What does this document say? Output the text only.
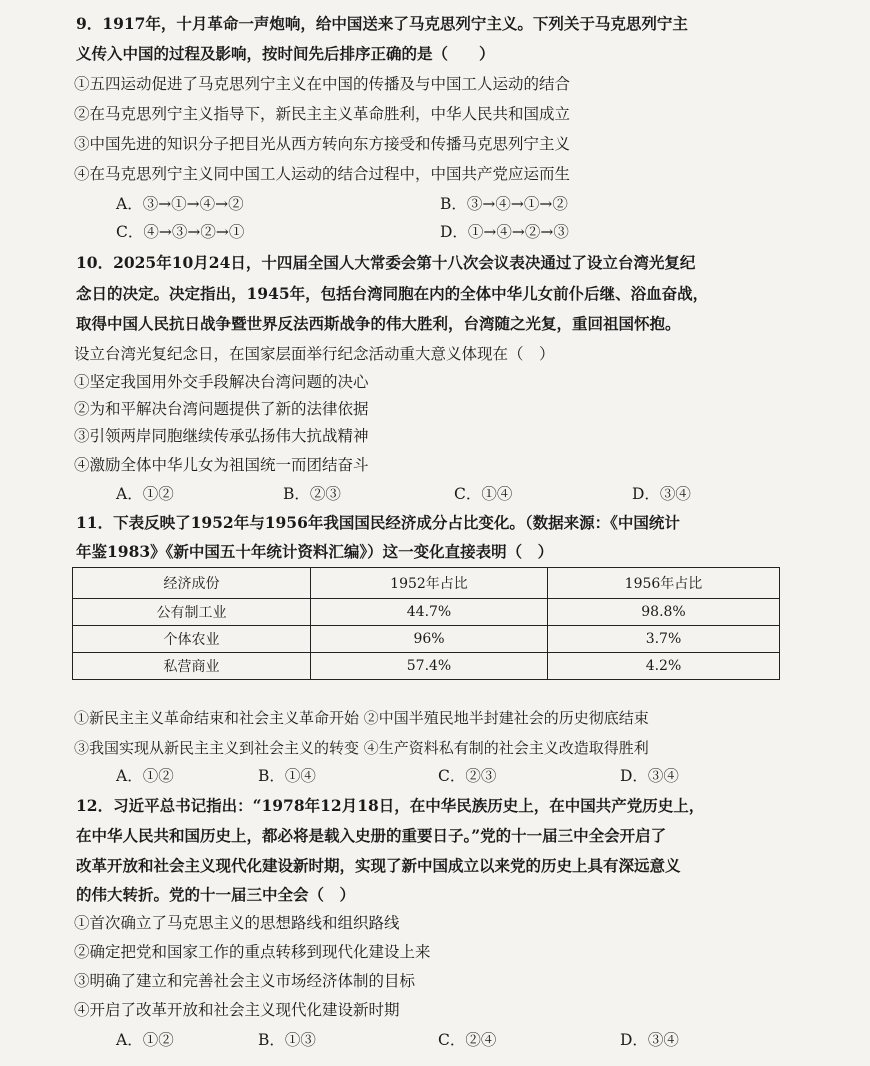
9．1917年，十月革命一声炮响，给中国送来了马克思列宁主义。下列关于马克思列宁主
义传入中国的过程及影响，按时间先后排序正确的是（　　）
①五四运动促进了马克思列宁主义在中国的传播及与中国工人运动的结合
②在马克思列宁主义指导下，新民主主义革命胜利，中华人民共和国成立
③中国先进的知识分子把目光从西方转向东方接受和传播马克思列宁主义
④在马克思列宁主义同中国工人运动的结合过程中，中国共产党应运而生
A．③→①→④→②	B．③→④→①→②
C．④→③→②→①	D．①→④→②→③
10．2025年10月24日，十四届全国人大常委会第十八次会议表决通过了设立台湾光复纪
念日的决定。决定指出，1945年，包括台湾同胞在内的全体中华儿女前仆后继、浴血奋战，
取得中国人民抗日战争暨世界反法西斯战争的伟大胜利，台湾随之光复，重回祖国怀抱。
设立台湾光复纪念日，在国家层面举行纪念活动重大意义体现在（　）
①坚定我国用外交手段解决台湾问题的决心
②为和平解决台湾问题提供了新的法律依据
③引领两岸同胞继续传承弘扬伟大抗战精神
④激励全体中华儿女为祖国统一而团结奋斗
A．①②	B．②③	C．①④	D．③④
11．下表反映了1952年与1956年我国国民经济成分占比变化。（数据来源：《中国统计
年鉴1983》《新中国五十年统计资料汇编》）这一变化直接表明（　）
经济成份	1952年占比	1956年占比
公有制工业	44.7%	98.8%
个体农业	96%	3.7%
私营商业	57.4%	4.2%
①新民主主义革命结束和社会主义革命开始 ②中国半殖民地半封建社会的历史彻底结束
③我国实现从新民主主义到社会主义的转变 ④生产资料私有制的社会主义改造取得胜利
A．①②	B．①④	C．②③	D．③④
12．习近平总书记指出：“1978年12月18日，在中华民族历史上，在中国共产党历史上，
在中华人民共和国历史上，都必将是载入史册的重要日子。”党的十一届三中全会开启了
改革开放和社会主义现代化建设新时期，实现了新中国成立以来党的历史上具有深远意义
的伟大转折。党的十一届三中全会（　）
①首次确立了马克思主义的思想路线和组织路线
②确定把党和国家工作的重点转移到现代化建设上来
③明确了建立和完善社会主义市场经济体制的目标
④开启了改革开放和社会主义现代化建设新时期
A．①②	B．①③	C．②④	D．③④
